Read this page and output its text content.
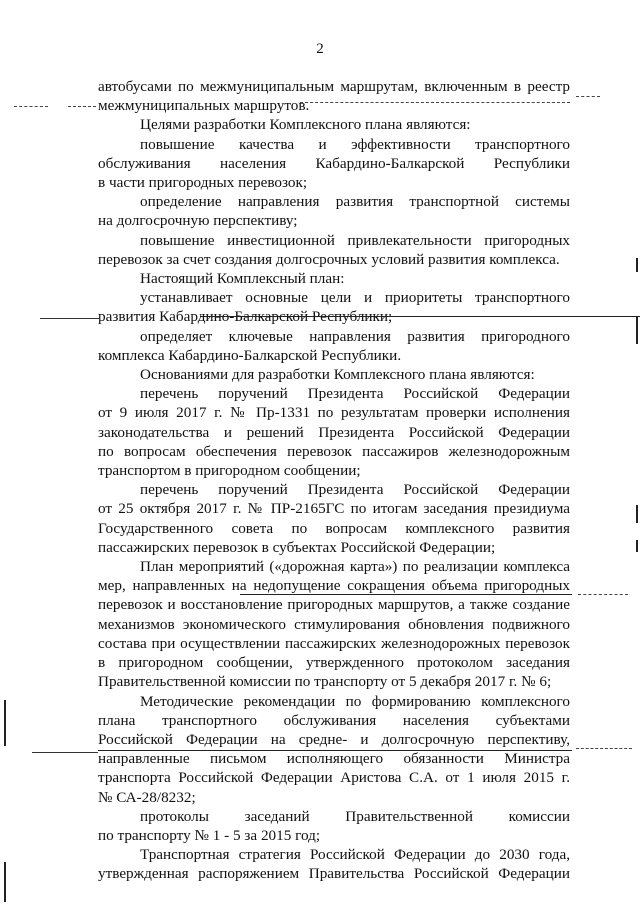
2

автобусами по межмуниципальным маршрутам, включенным в реестр

межмуниципальных маршрутов.

Целями разработки Комплексного плана являются:

повышение качества и эффективности транспортного

обслуживания населения Кабардино-Балкарской Республики

в части пригородных перевозок;

определение направления развития транспортной системы

на долгосрочную перспективу;

повышение инвестиционной привлекательности пригородных

перевозок за счет создания долгосрочных условий развития комплекса.

Настоящий Комплексный план:

устанавливает основные цели и приоритеты транспортного

развития Кабардино-Балкарской Республики;

определяет ключевые направления развития пригородного

комплекса Кабардино-Балкарской Республики.

Основаниями для разработки Комплексного плана являются:

перечень поручений Президента Российской Федерации

от 9 июля 2017 г. № Пр-1331 по результатам проверки исполнения

законодательства и решений Президента Российской Федерации

по вопросам обеспечения перевозок пассажиров железнодорожным

транспортом в пригородном сообщении;

перечень поручений Президента Российской Федерации

от 25 октября 2017 г. № ПР-2165ГС по итогам заседания президиума

Государственного совета по вопросам комплексного развития

пассажирских перевозок в субъектах Российской Федерации;

План мероприятий («дорожная карта») по реализации комплекса

мер, направленных на недопущение сокращения объема пригородных

перевозок и восстановление пригородных маршрутов, а также создание

механизмов экономического стимулирования обновления подвижного

состава при осуществлении пассажирских железнодорожных перевозок

в пригородном сообщении, утвержденного протоколом заседания

Правительственной комиссии по транспорту от 5 декабря 2017 г. № 6;

Методические рекомендации по формированию комплексного

плана транспортного обслуживания населения субъектами

Российской Федерации на средне- и долгосрочную перспективу,

направленные письмом исполняющего обязанности Министра

транспорта Российской Федерации Аристова С.А. от 1 июля 2015 г.

№ СА-28/8232;

протоколы заседаний Правительственной комиссии

по транспорту № 1 - 5 за 2015 год;

Транспортная стратегия Российской Федерации до 2030 года,

утвержденная распоряжением Правительства Российской Федерации
